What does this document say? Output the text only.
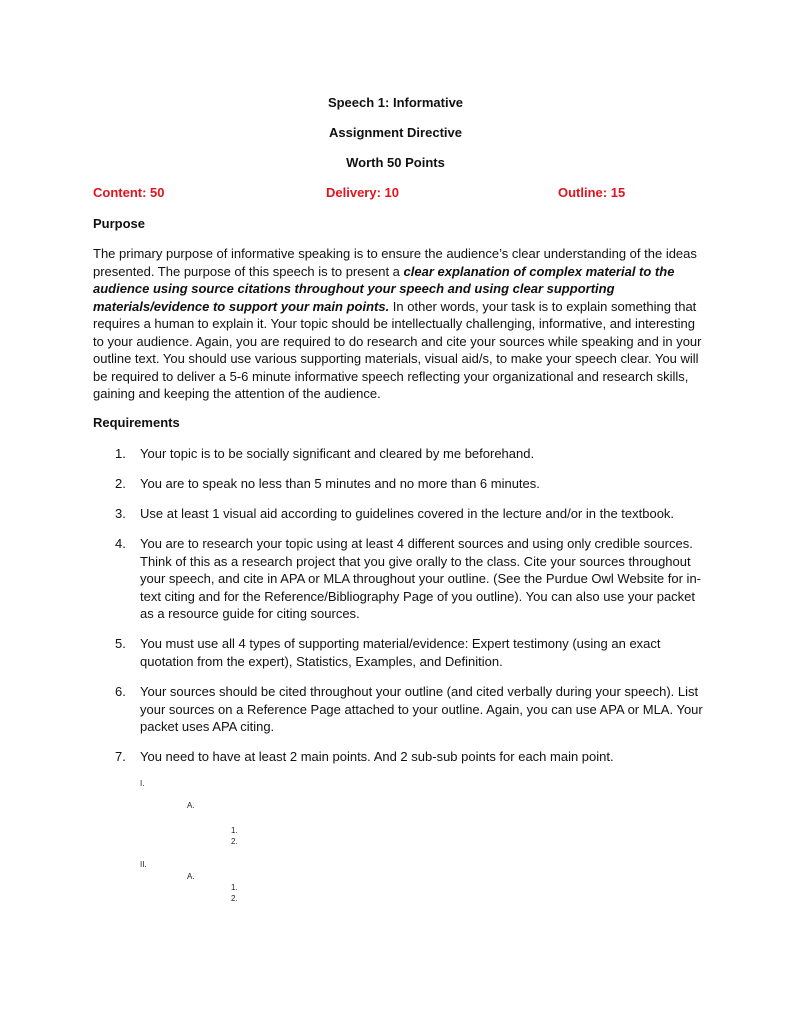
Speech 1: Informative
Assignment Directive
Worth 50 Points
Content: 50	Delivery: 10	Outline: 15
Purpose

The primary purpose of informative speaking is to ensure the audience’s clear understanding of the ideas presented. The purpose of this speech is to present a clear explanation of complex material to the audience using source citations throughout your speech and using clear supporting materials/evidence to support your main points. In other words, your task is to explain something that requires a human to explain it. Your topic should be intellectually challenging, informative, and interesting to your audience. Again, you are required to do research and cite your sources while speaking and in your outline text. You should use various supporting materials, visual aid/s, to make your speech clear. You will be required to deliver a 5-6 minute informative speech reflecting your organizational and research skills, gaining and keeping the attention of the audience.

Requirements
1. Your topic is to be socially significant and cleared by me beforehand.
2. You are to speak no less than 5 minutes and no more than 6 minutes.
3. Use at least 1 visual aid according to guidelines covered in the lecture and/or in the textbook.
4. You are to research your topic using at least 4 different sources and using only credible sources. Think of this as a research project that you give orally to the class. Cite your sources throughout your speech, and cite in APA or MLA throughout your outline. (See the Purdue Owl Website for in-text citing and for the Reference/Bibliography Page of you outline). You can also use your packet as a resource guide for citing sources.
5. You must use all 4 types of supporting material/evidence: Expert testimony (using an exact quotation from the expert), Statistics, Examples, and Definition.
6. Your sources should be cited throughout your outline (and cited verbally during your speech). List your sources on a Reference Page attached to your outline. Again, you can use APA or MLA. Your packet uses APA citing.
7. You need to have at least 2 main points. And 2 sub-sub points for each main point.
I.
A.
1.
2.
II.
A.
1.
2.
